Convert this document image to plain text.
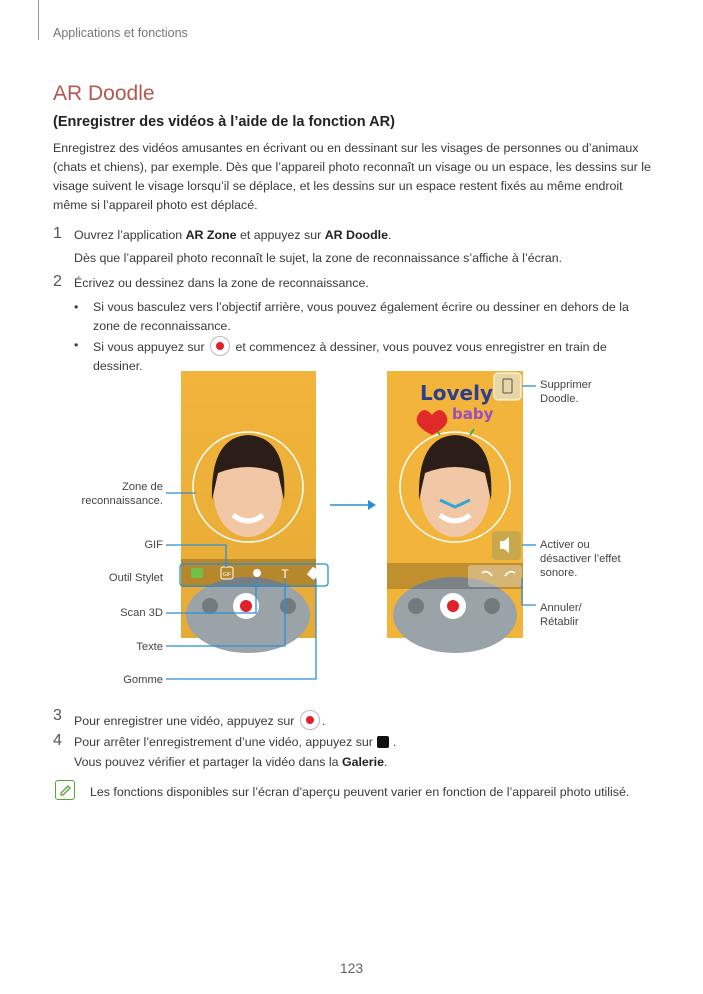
Applications et fonctions
AR Doodle
(Enregistrer des vidéos à l’aide de la fonction AR)
Enregistrez des vidéos amusantes en écrivant ou en dessinant sur les visages de personnes ou d’animaux (chats et chiens), par exemple. Dès que l’appareil photo reconnaît un visage ou un espace, les dessins sur le visage suivent le visage lorsqu’il se déplace, et les dessins sur un espace restent fixés au même endroit même si l’appareil photo est déplacé.
1 Ouvrez l’application AR Zone et appuyez sur AR Doodle.
Dès que l’appareil photo reconnaît le sujet, la zone de reconnaissance s’affiche à l’écran.
2 Écrivez ou dessinez dans la zone de reconnaissance.
• Si vous basculez vers l’objectif arrière, vous pouvez également écrire ou dessiner en dehors de la zone de reconnaissance.
• Si vous appuyez sur et commencez à dessiner, vous pouvez vous enregistrer en train de dessiner.
GIF	T
Lovely
baby
Zone de
reconnaissance.
GIF
Outil Stylet
Scan 3D
Texte
Gomme
Supprimer
Doodle.
Activer ou
désactiver l’effet
sonore.
Annuler/
Rétablir
3 Pour enregistrer une vidéo, appuyez sur .
4 Pour arrêter l’enregistrement d’une vidéo, appuyez sur .
Vous pouvez vérifier et partager la vidéo dans la Galerie.
Les fonctions disponibles sur l’écran d’aperçu peuvent varier en fonction de l’appareil photo utilisé.
123
